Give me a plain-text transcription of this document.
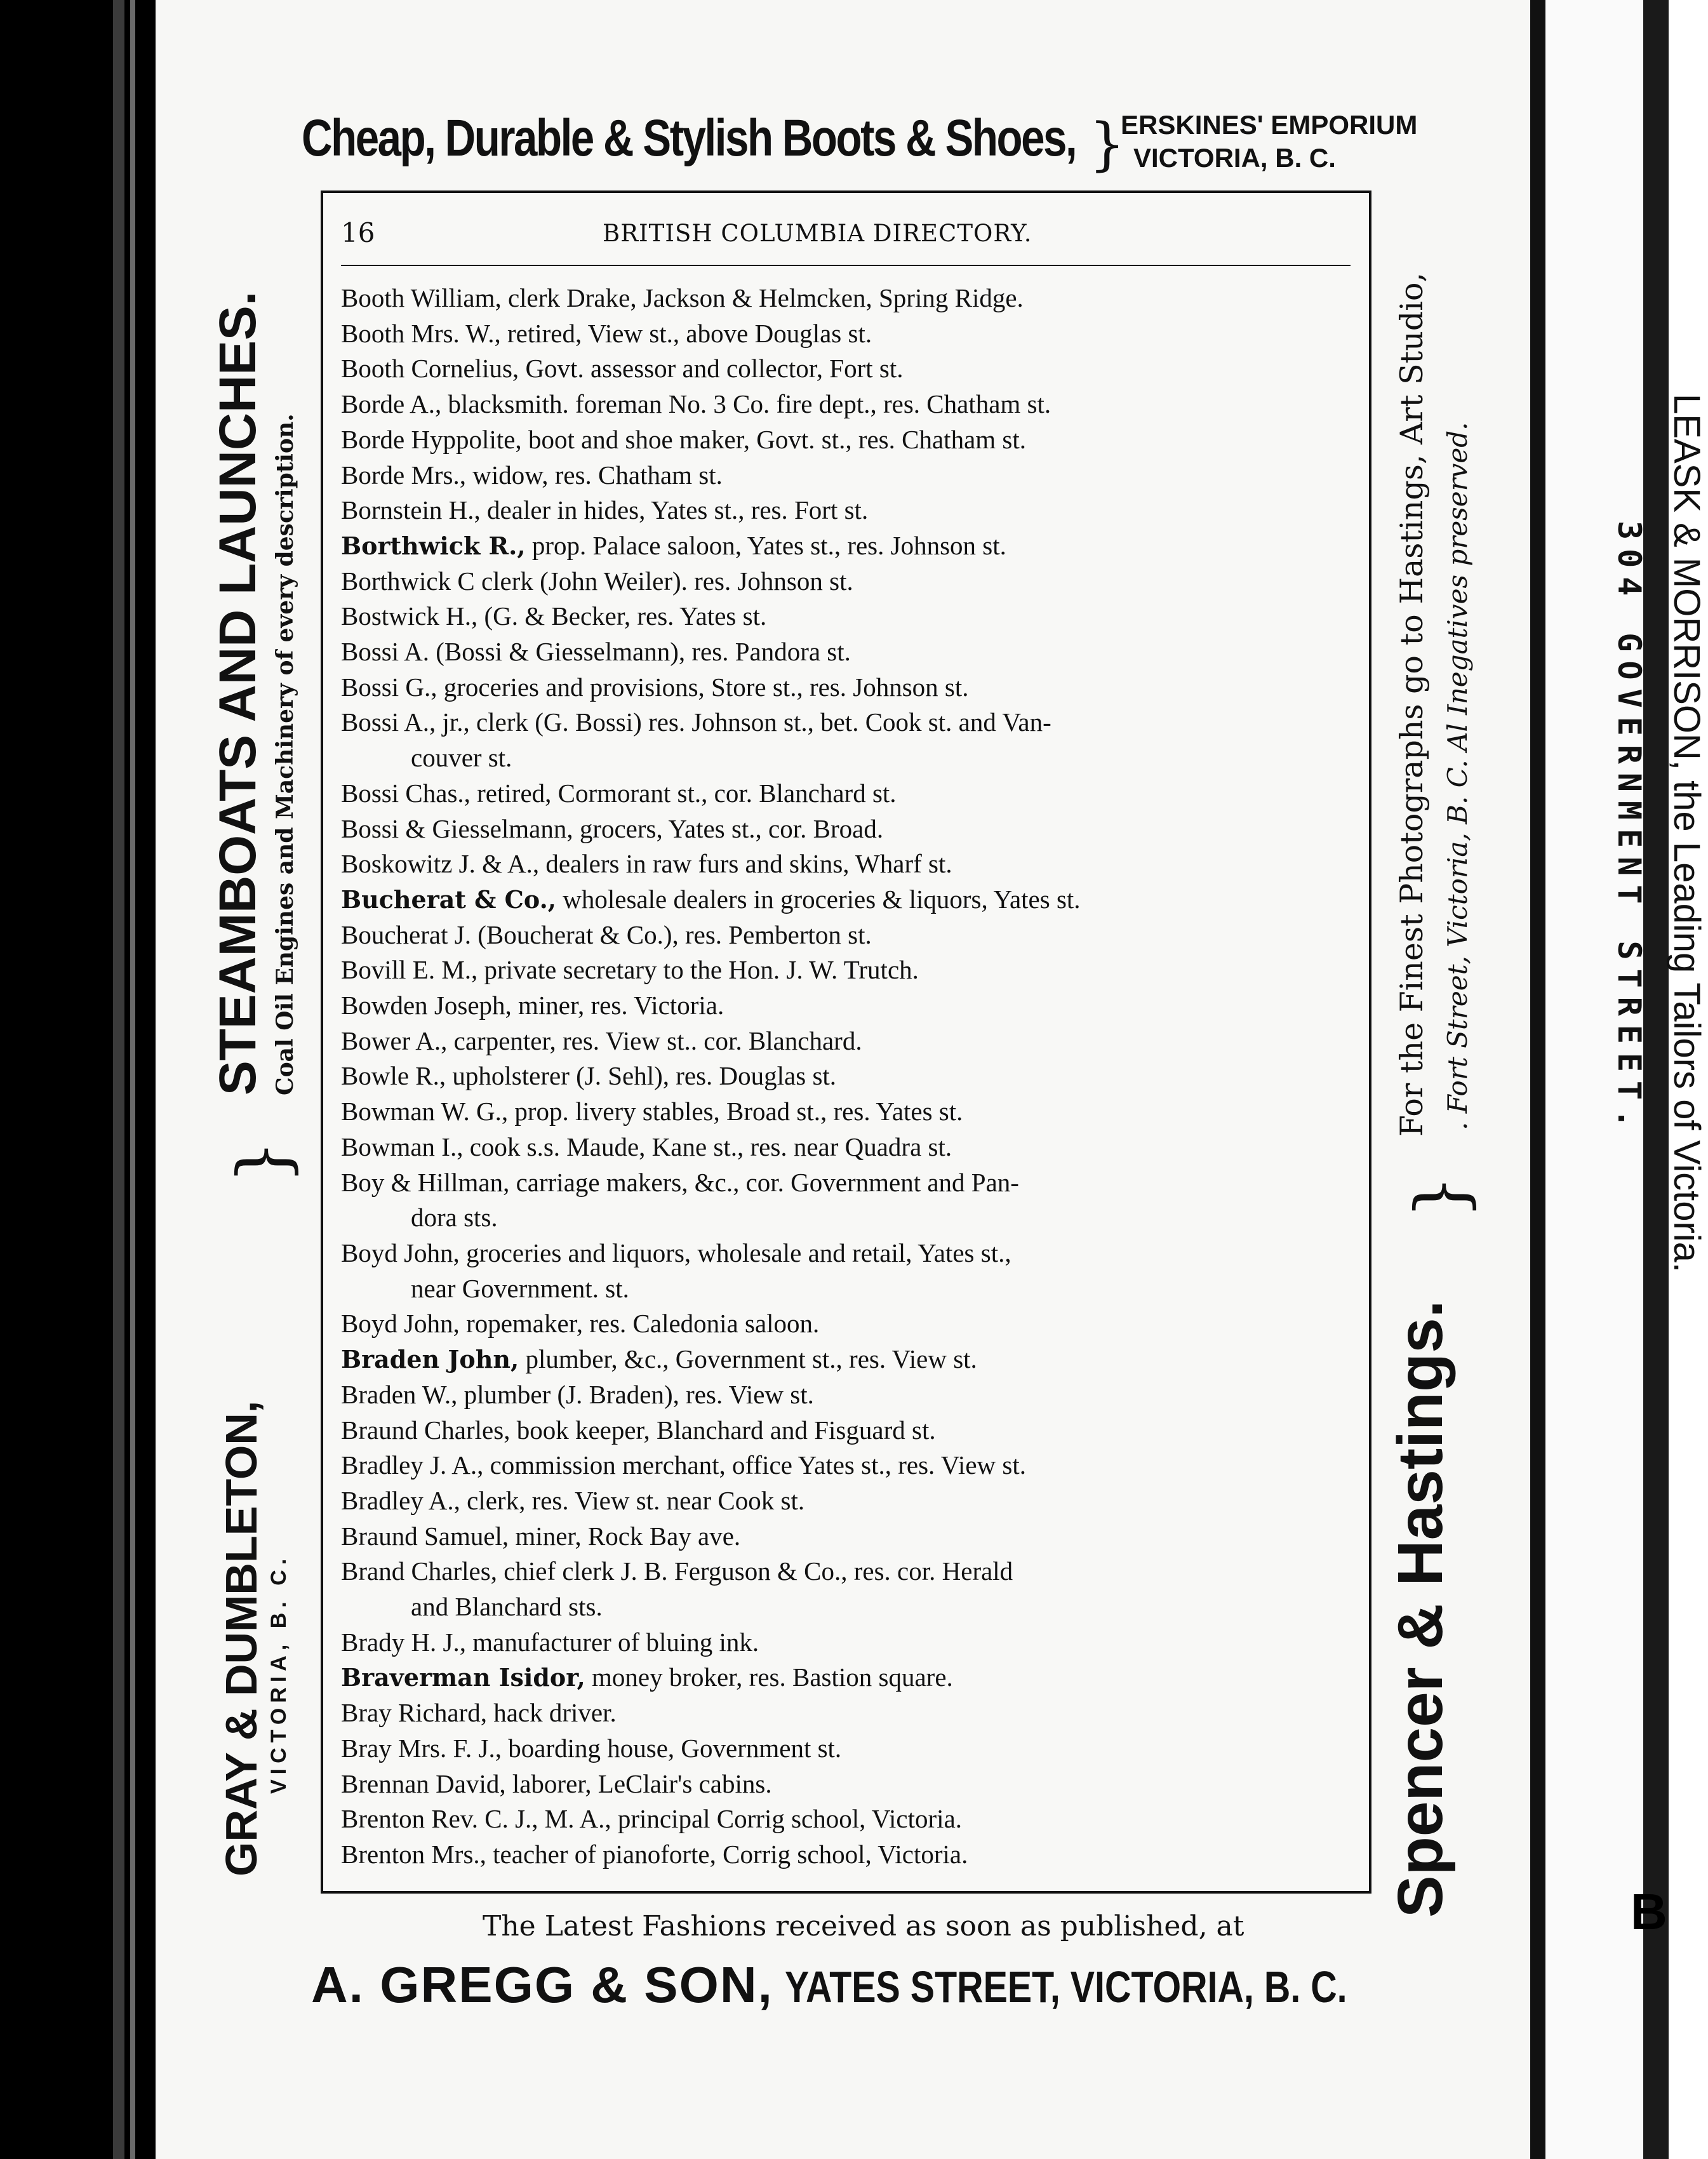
B
Cheap, Durable & Stylish Boots & Shoes, }
ERSKINES' EMPORIUM
VICTORIA, B. C.
GRAY & DUMBLETON, VICTORIA, B. C.
}
STEAMBOATS AND LAUNCHES. Coal Oil Engines and Machinery of every description.
16	BRITISH COLUMBIA DIRECTORY.
Booth William, clerk Drake, Jackson & Helmcken, Spring Ridge.
Booth Mrs. W., retired, View st., above Douglas st.
Booth Cornelius, Govt. assessor and collector, Fort st.
Borde A., blacksmith. foreman No. 3 Co. fire dept., res. Chatham st.
Borde Hyppolite, boot and shoe maker, Govt. st., res. Chatham st.
Borde Mrs., widow, res. Chatham st.
Bornstein H., dealer in hides, Yates st., res. Fort st.
Borthwick R., prop. Palace saloon, Yates st., res. Johnson st.
Borthwick C clerk (John Weiler). res. Johnson st.
Bostwick H., (G. & Becker, res. Yates st.
Bossi A. (Bossi & Giesselmann), res. Pandora st.
Bossi G., groceries and provisions, Store st., res. Johnson st.
Bossi A., jr., clerk (G. Bossi) res. Johnson st., bet. Cook st. and Van-
couver st.
Bossi Chas., retired, Cormorant st., cor. Blanchard st.
Bossi & Giesselmann, grocers, Yates st., cor. Broad.
Boskowitz J. & A., dealers in raw furs and skins, Wharf st.
Bucherat & Co., wholesale dealers in groceries & liquors, Yates st.
Boucherat J. (Boucherat & Co.), res. Pemberton st.
Bovill E. M., private secretary to the Hon. J. W. Trutch.
Bowden Joseph, miner, res. Victoria.
Bower A., carpenter, res. View st.. cor. Blanchard.
Bowle R., upholsterer (J. Sehl), res. Douglas st.
Bowman W. G., prop. livery stables, Broad st., res. Yates st.
Bowman I., cook s.s. Maude, Kane st., res. near Quadra st.
Boy & Hillman, carriage makers, &c., cor. Government and Pan-
dora sts.
Boyd John, groceries and liquors, wholesale and retail, Yates st.,
near Government. st.
Boyd John, ropemaker, res. Caledonia saloon.
Braden John, plumber, &c., Government st., res. View st.
Braden W., plumber (J. Braden), res. View st.
Braund Charles, book keeper, Blanchard and Fisguard st.
Bradley J. A., commission merchant, office Yates st., res. View st.
Bradley A., clerk, res. View st. near Cook st.
Braund Samuel, miner, Rock Bay ave.
Brand Charles, chief clerk J. B. Ferguson & Co., res. cor. Herald
and Blanchard sts.
Brady H. J., manufacturer of bluing ink.
Braverman Isidor, money broker, res. Bastion square.
Bray Richard, hack driver.
Bray Mrs. F. J., boarding house, Government st.
Brennan David, laborer, LeClair's cabins.
Brenton Rev. C. J., M. A., principal Corrig school, Victoria.
Brenton Mrs., teacher of pianoforte, Corrig school, Victoria.	Spencer & Hastings.
}
For the Finest Photographs go to Hastings, Art Studio, . Fort Street, Victoria, B. C. Al Inegatives preserved.	LEASK & MORRISON, the Leading Tailors of Victoria.
304 GOVERNMENT STREET.
The Latest Fashions received as soon as published, at
A. GREGG & SON, YATES STREET, VICTORIA, B. C.
